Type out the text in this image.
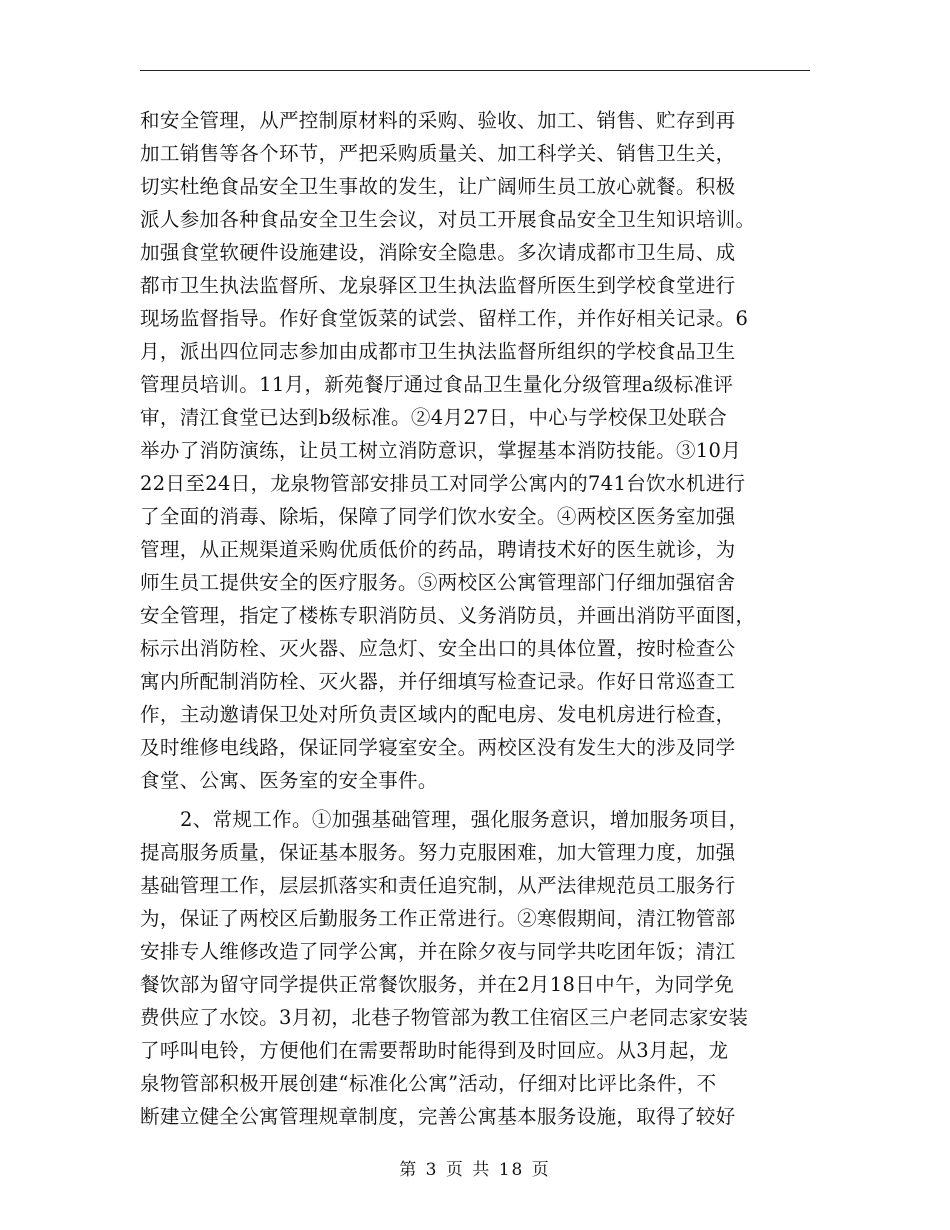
和安全管理，从严控制原材料的采购、验收、加工、销售、贮存到再
加工销售等各个环节，严把采购质量关、加工科学关、销售卫生关，
切实杜绝食品安全卫生事故的发生，让广阔师生员工放心就餐。积极
派人参加各种食品安全卫生会议，对员工开展食品安全卫生知识培训。
加强食堂软硬件设施建设，消除安全隐患。多次请成都市卫生局、成
都市卫生执法监督所、龙泉驿区卫生执法监督所医生到学校食堂进行
现场监督指导。作好食堂饭菜的试尝、留样工作，并作好相关记录。6
月，派出四位同志参加由成都市卫生执法监督所组织的学校食品卫生
管理员培训。11月，新苑餐厅通过食品卫生量化分级管理a级标准评
审，清江食堂已达到b级标准。②4月27日，中心与学校保卫处联合
举办了消防演练，让员工树立消防意识，掌握基本消防技能。③10月
22日至24日，龙泉物管部安排员工对同学公寓内的741台饮水机进行
了全面的消毒、除垢，保障了同学们饮水安全。④两校区医务室加强
管理，从正规渠道采购优质低价的药品，聘请技术好的医生就诊，为
师生员工提供安全的医疗服务。⑤两校区公寓管理部门仔细加强宿舍
安全管理，指定了楼栋专职消防员、义务消防员，并画出消防平面图，
标示出消防栓、灭火器、应急灯、安全出口的具体位置，按时检查公
寓内所配制消防栓、灭火器，并仔细填写检查记录。作好日常巡查工
作，主动邀请保卫处对所负责区域内的配电房、发电机房进行检查，
及时维修电线路，保证同学寝室安全。两校区没有发生大的涉及同学
食堂、公寓、医务室的安全事件。
2、常规工作。①加强基础管理，强化服务意识，增加服务项目，
提高服务质量，保证基本服务。努力克服困难，加大管理力度，加强
基础管理工作，层层抓落实和责任追究制，从严法律规范员工服务行
为，保证了两校区后勤服务工作正常进行。②寒假期间，清江物管部
安排专人维修改造了同学公寓，并在除夕夜与同学共吃团年饭；清江
餐饮部为留守同学提供正常餐饮服务，并在2月18日中午，为同学免
费供应了水饺。3月初，北巷子物管部为教工住宿区三户老同志家安装
了呼叫电铃，方便他们在需要帮助时能得到及时回应。从3月起，龙
泉物管部积极开展创建“标准化公寓”活动，仔细对比评比条件，不
断建立健全公寓管理规章制度，完善公寓基本服务设施，取得了较好
第 3 页 共 18 页
